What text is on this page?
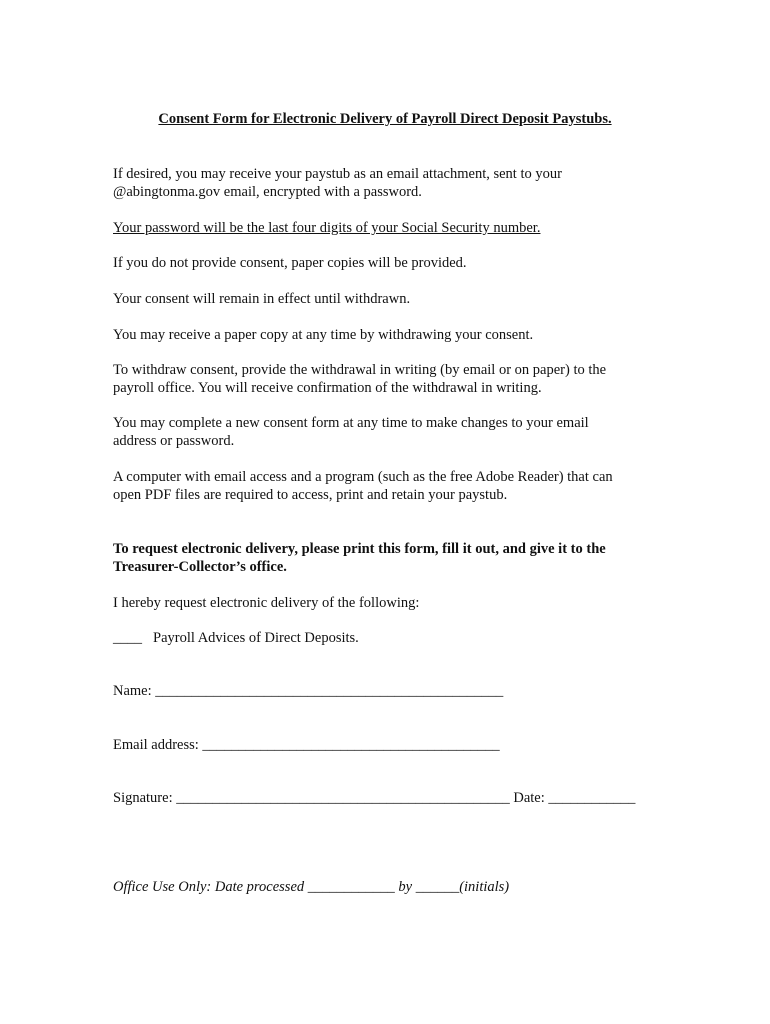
Consent Form for Electronic Delivery of Payroll Direct Deposit Paystubs.
If desired, you may receive your paystub as an email attachment, sent to your
@abingtonma.gov email, encrypted with a password.
Your password will be the last four digits of your Social Security number.
If you do not provide consent, paper copies will be provided.
Your consent will remain in effect until withdrawn.
You may receive a paper copy at any time by withdrawing your consent.
To withdraw consent, provide the withdrawal in writing (by email or on paper) to the
payroll office. You will receive confirmation of the withdrawal in writing.
You may complete a new consent form at any time to make changes to your email
address or password.
A computer with email access and a program (such as the free Adobe Reader) that can
open PDF files are required to access, print and retain your paystub.
To request electronic delivery, please print this form, fill it out, and give it to the
Treasurer-Collector’s office.
I hereby request electronic delivery of the following:
____ Payroll Advices of Direct Deposits.
Name: ________________________________________________
Email address: _________________________________________
Signature: ______________________________________________ Date: ____________
Office Use Only: Date processed ____________ by ______(initials)
